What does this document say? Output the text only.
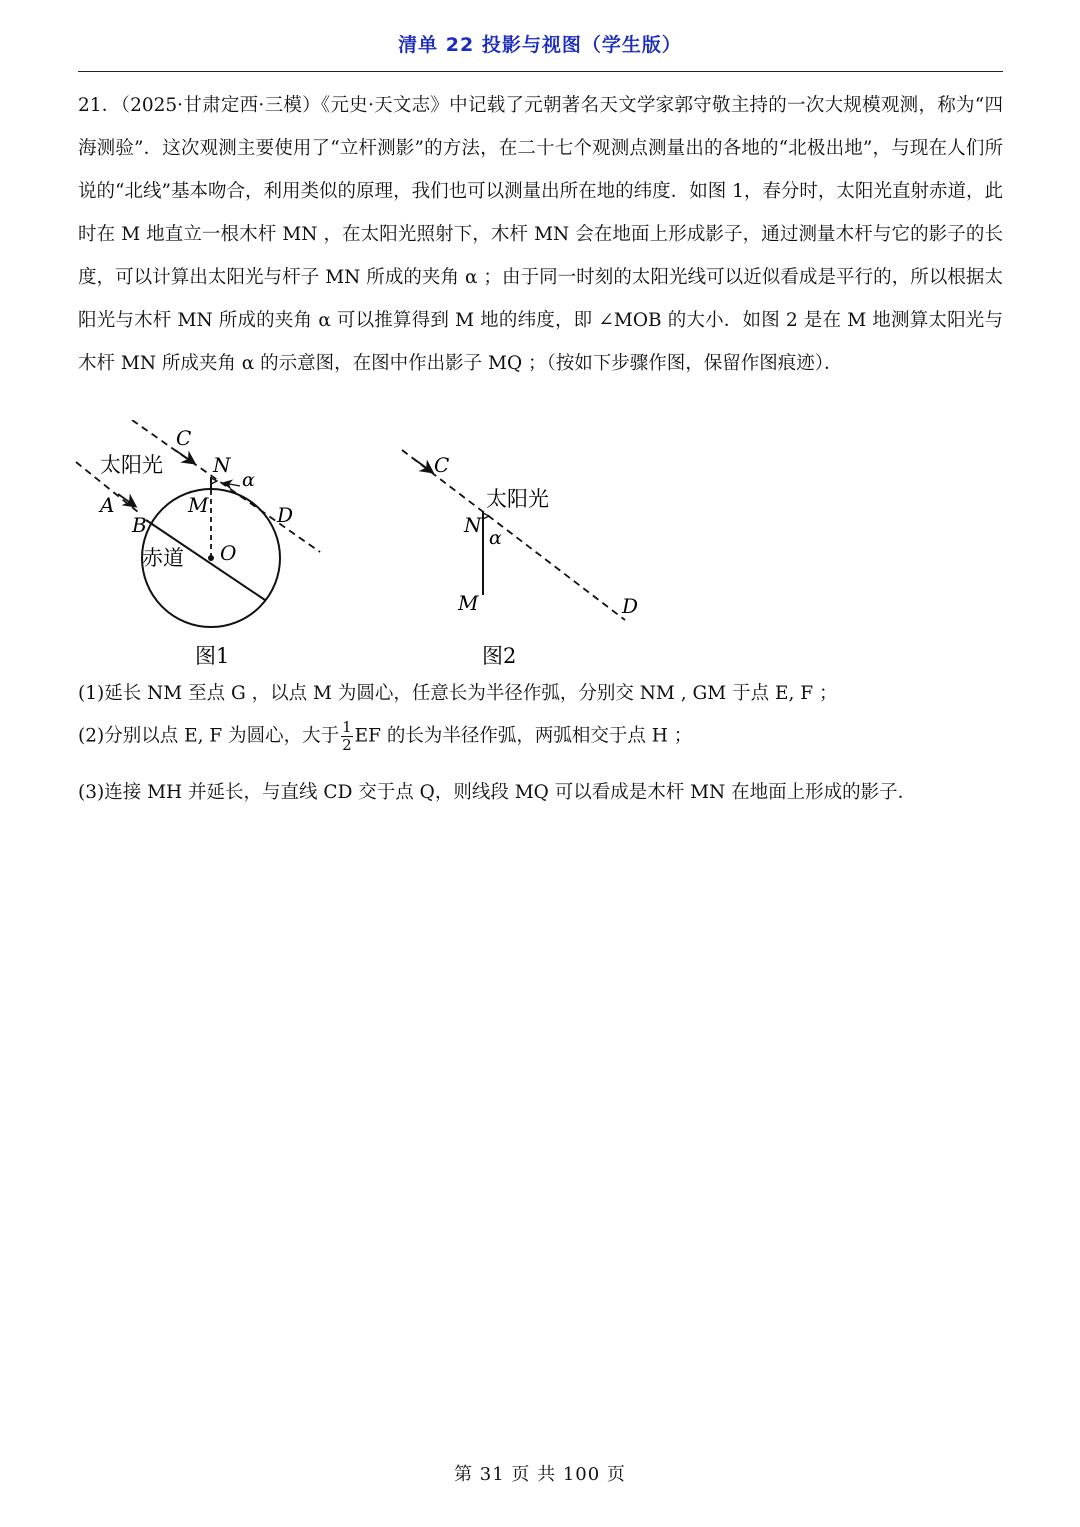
清单 22 投影与视图（学生版）

21．（2025·甘肃定西·三模）《元史·天文志》中记载了元朝著名天文学家郭守敬主持的一次大规模观测，称为“四海测验”．这次观测主要使用了“立杆测影”的方法，在二十七个观测点测量出的各地的“北极出地”，与现在人们所说的“北线”基本吻合，利用类似的原理，我们也可以测量出所在地的纬度．如图 1，春分时，太阳光直射赤道，此时在 M 地直立一根木杆 MN ，在太阳光照射下，木杆 MN 会在地面上形成影子，通过测量木杆与它的影子的长度，可以计算出太阳光与杆子 MN 所成的夹角 α ；由于同一时刻的太阳光线可以近似看成是平行的，所以根据太阳光与木杆 MN 所成的夹角 α 可以推算得到 M 地的纬度，即 ∠MOB 的大小．如图 2 是在 M 地测算太阳光与木杆 MN 所成夹角 α 的示意图，在图中作出影子 MQ ；（按如下步骤作图，保留作图痕迹）．

太阳光
赤道
C
A
B
N
M
O
D
α
图1
太阳光
C
N
α
M	D
图2
(1)延长 NM 至点 G ，以点 M 为圆心，任意长为半径作弧，分别交 NM , GM 于点 E, F ；
(2)分别以点 E, F 为圆心，大于 $\frac{1}{2}$ EF 的长为半径作弧，两弧相交于点 H ；
(3)连接 MH 并延长，与直线 CD 交于点 Q，则线段 MQ 可以看成是木杆 MN 在地面上形成的影子．
第 31 页 共 100 页
